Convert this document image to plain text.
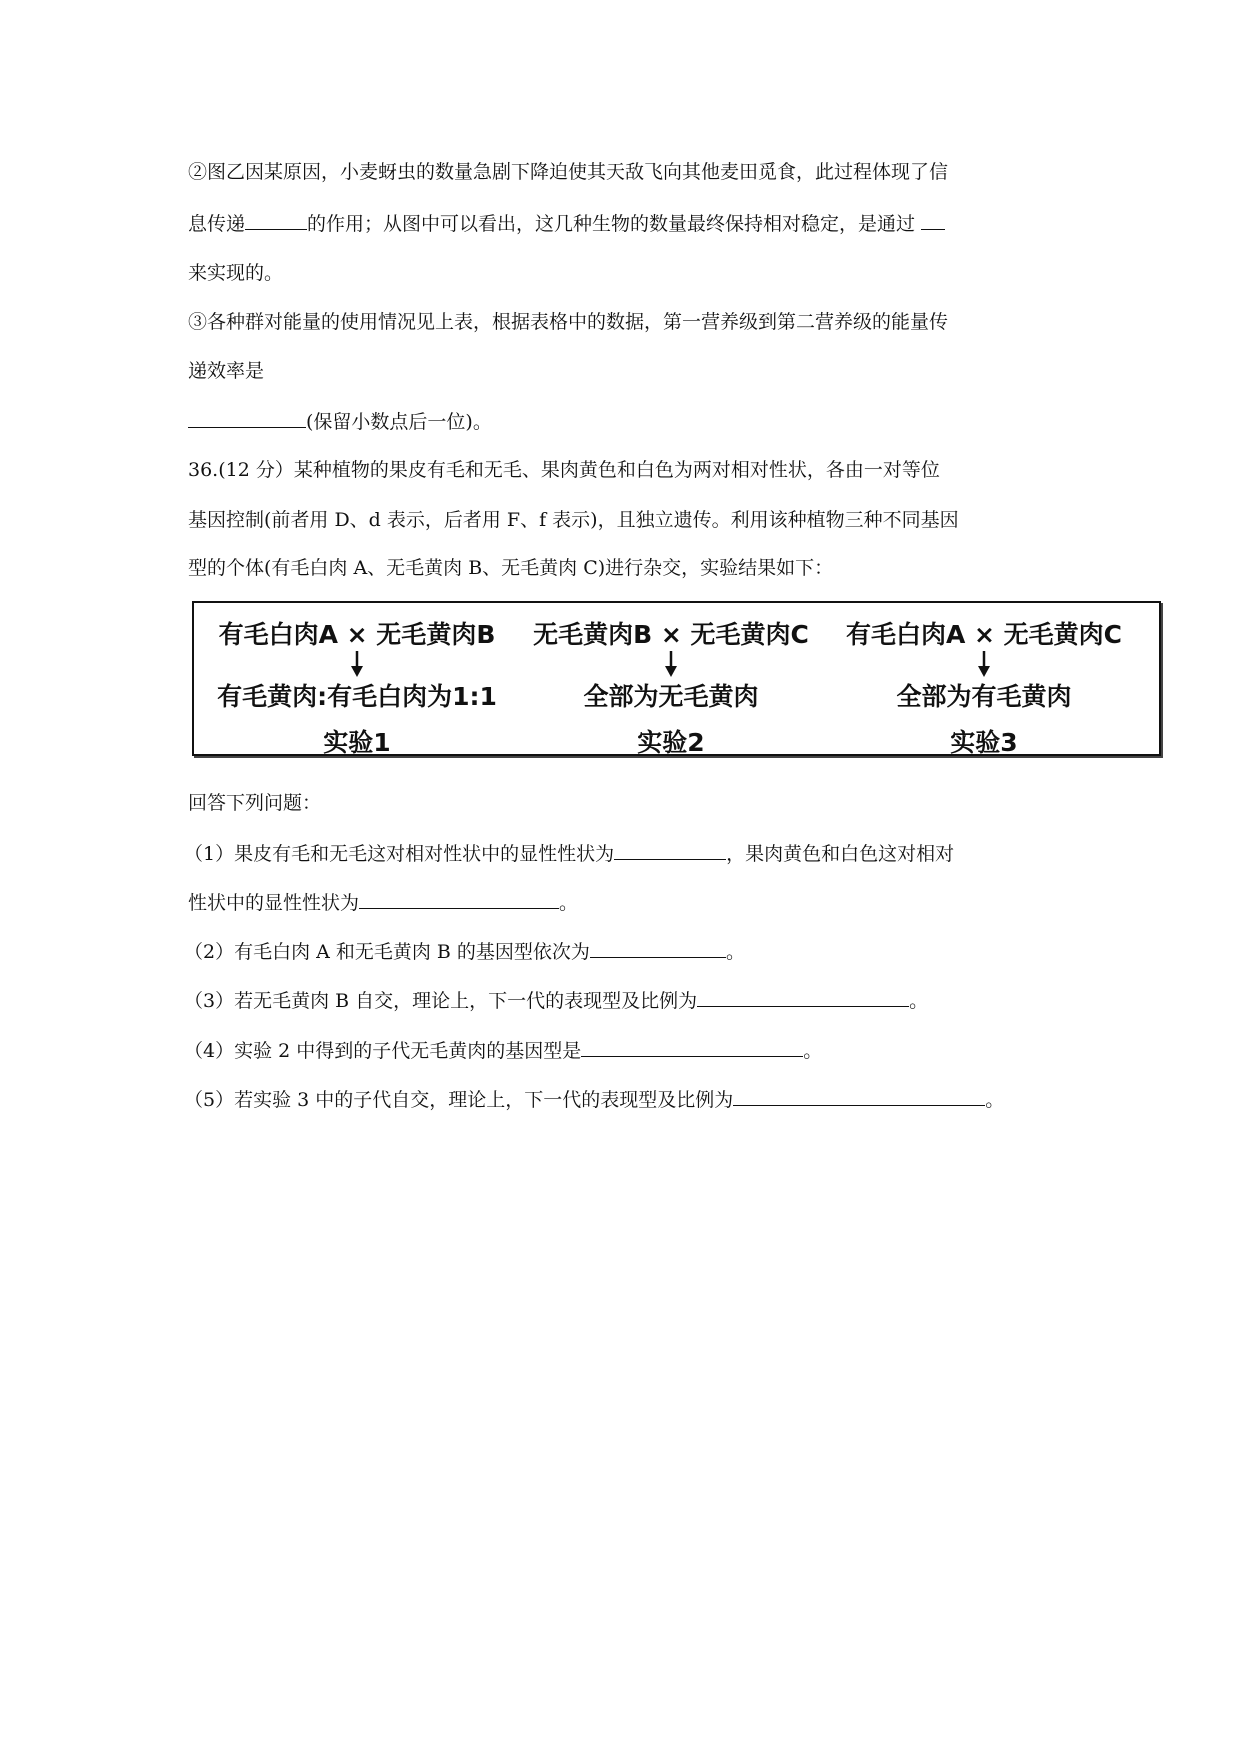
②图乙因某原因，小麦蚜虫的数量急剧下降迫使其天敌飞向其他麦田觅食，此过程体现了信
息传递	的作用；从图中可以看出，这几种生物的数量最终保持相对稳定，是通过
来实现的。
③各种群对能量的使用情况见上表，根据表格中的数据，第一营养级到第二营养级的能量传
递效率是
(保留小数点后一位)。
36.(12 分）某种植物的果皮有毛和无毛、果肉黄色和白色为两对相对性状，各由一对等位
基因控制(前者用 D、d 表示，后者用 F、f 表示)，且独立遗传。利用该种植物三种不同基因
型的个体(有毛白肉 A、无毛黄肉 B、无毛黄肉 C)进行杂交，实验结果如下：
有毛白肉A × 无毛黄肉B
有毛黄肉:有毛白肉为1:1
实验1
无毛黄肉B × 无毛黄肉C
全部为无毛黄肉
实验2
有毛白肉A × 无毛黄肉C
全部为有毛黄肉
实验3
回答下列问题：
（1）果皮有毛和无毛这对相对性状中的显性性状为	，果肉黄色和白色这对相对
性状中的显性性状为	。
（2）有毛白肉 A 和无毛黄肉 B 的基因型依次为	。
（3）若无毛黄肉 B 自交，理论上，下一代的表现型及比例为	。
（4）实验 2 中得到的子代无毛黄肉的基因型是	。
（5）若实验 3 中的子代自交，理论上，下一代的表现型及比例为	。
